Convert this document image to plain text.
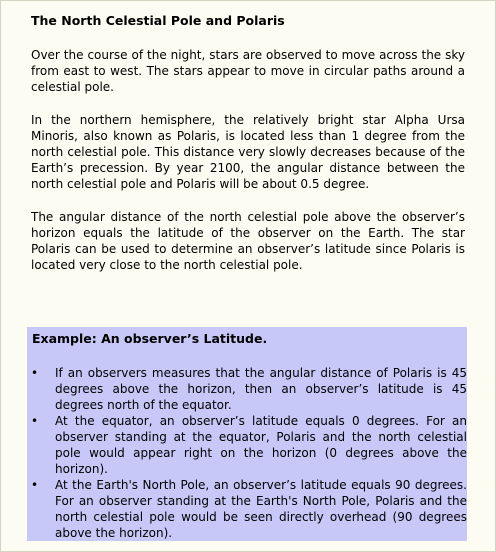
The North Celestial Pole and Polaris

Over the course of the night, stars are observed to move across the sky from east to west. The stars appear to move in circular paths around a celestial pole.

In the northern hemisphere, the relatively bright star Alpha Ursa Minoris, also known as Polaris, is located less than 1 degree from the north celestial pole. This distance very slowly decreases because of the Earth’s precession. By year 2100, the angular distance between the north celestial pole and Polaris will be about 0.5 degree.

The angular distance of the north celestial pole above the observer’s horizon equals the latitude of the observer on the Earth. The star Polaris can be used to determine an observer’s latitude since Polaris is located very close to the north celestial pole.

Example: An observer’s Latitude.
• If an observers measures that the angular distance of Polaris is 45 degrees above the horizon, then an observer’s latitude is 45 degrees north of the equator.
• At the equator, an observer’s latitude equals 0 degrees. For an observer standing at the equator, Polaris and the north celestial pole would appear right on the horizon (0 degrees above the horizon).
• At the Earth's North Pole, an observer’s latitude equals 90 degrees. For an observer standing at the Earth's North Pole, Polaris and the north celestial pole would be seen directly overhead (90 degrees above the horizon).
